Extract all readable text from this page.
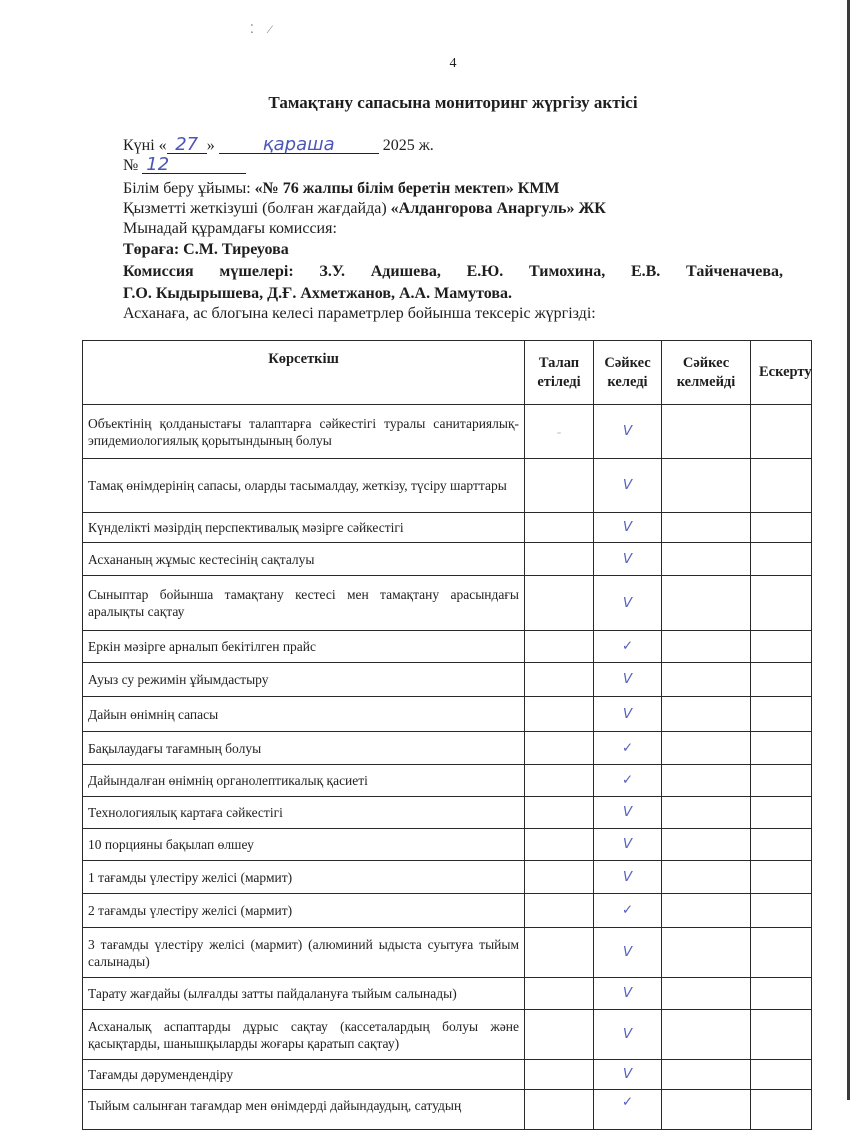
⁚ ⁄
4
Тамақтану сапасына мониторинг жүргізу актісі
Күні « 27 »	қараша	2025 ж.
№ 12
Білім беру ұйымы: «№ 76 жалпы білім беретін мектеп» КММ
Қызметті жеткізуші (болған жағдайда) «Алдангорова Анаргуль» ЖК
Мынадай құрамдағы комиссия:
Төраға: С.М. Тиреуова
Комиссия мүшелері: З.У. Адишева, Е.Ю. Тимохина, Е.В. Тайченачева,
Г.О. Кыдырышева, Д.Ғ. Ахметжанов, А.А. Мамутова.
Асханаға, ас блогына келесі параметрлер бойынша тексеріс жүргізді:
Көрсеткіш	Талап етіледі	Сәйкес келеді	Сәйкес келмейді	Ескерту
Объектінің қолданыстағы талаптарға сәйкестігі туралы санитариялық-эпидемиологиялық қорытындының болуы	-	V		
Тамақ өнімдерінің сапасы, оларды тасымалдау, жеткізу, түсіру шарттары		V		
Күнделікті мәзірдің перспективалық мәзірге сәйкестігі		V		
Асхананың жұмыс кестесінің сақталуы		V		
Сыныптар бойынша тамақтану кестесі мен тамақтану арасындағы аралықты сақтау		V		
Еркін мәзірге арналып бекітілген прайс		✓		
Ауыз су режимін ұйымдастыру		V		
Дайын өнімнің сапасы		V		
Бақылаудағы тағамның болуы		✓		
Дайындалған өнімнің органолептикалық қасиеті		✓		
Технологиялық картаға сәйкестігі		V		
10 порцияны бақылап өлшеу		V		
1 тағамды үлестіру желісі (мармит)		V		
2 тағамды үлестіру желісі (мармит)		✓		
3 тағамды үлестіру желісі (мармит) (алюминий ыдыста суытуға тыйым салынады)		V		
Тарату жағдайы (ылғалды затты пайдалануға тыйым салынады)		V		
Асханалық аспаптарды дұрыс сақтау (кассеталардың болуы және қасықтарды, шанышқыларды жоғары қаратып сақтау)		V		
Тағамды дәрумендендіру		V		
Тыйым салынған тағамдар мен өнімдерді дайындаудың, сатудың		✓		
